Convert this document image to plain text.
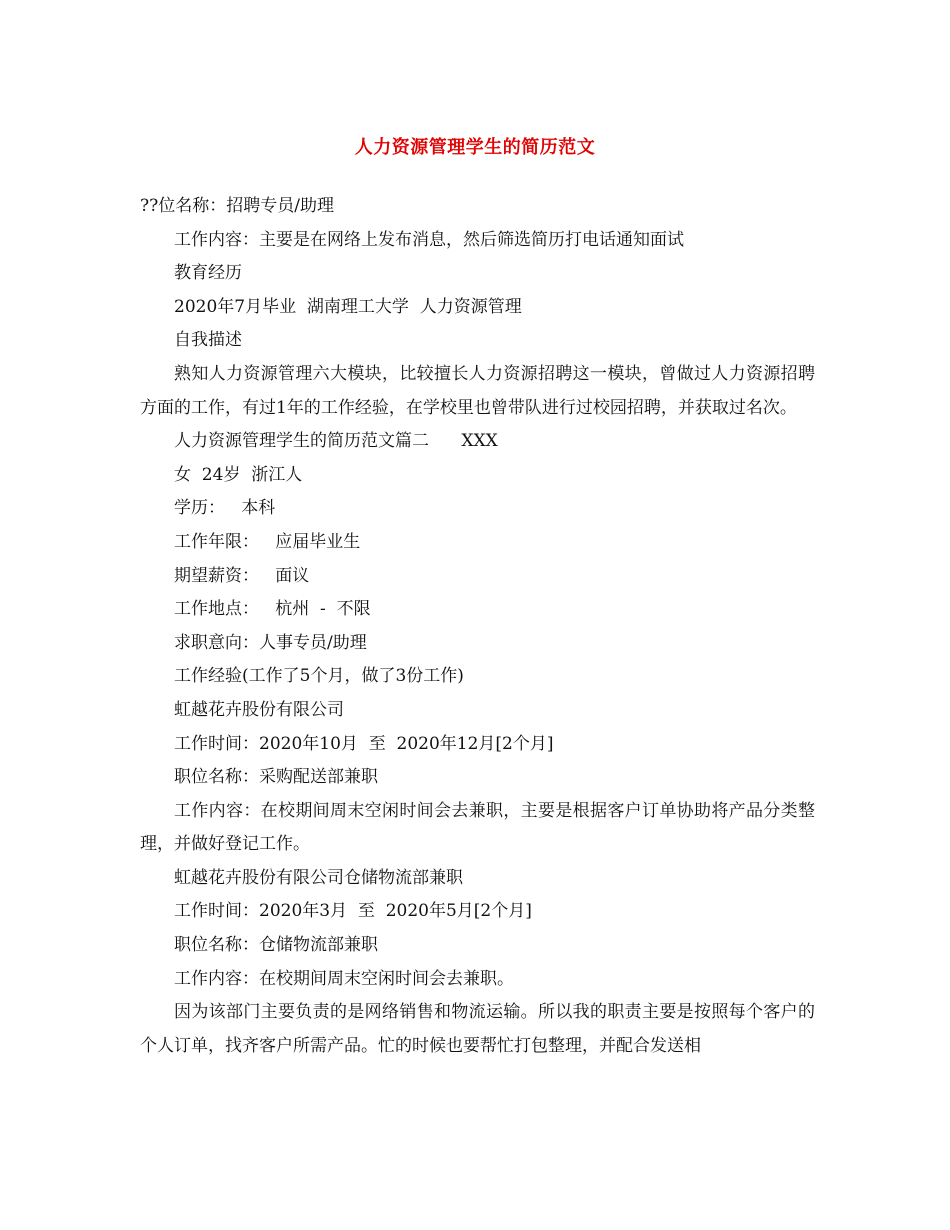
人力资源管理学生的简历范文

??位名称：招聘专员/助理

工作内容：主要是在网络上发布消息，然后筛选简历打电话通知面试

教育经历

2020年7月毕业  湖南理工大学  人力资源管理

自我描述

熟知人力资源管理六大模块，比较擅长人力资源招聘这一模块，曾做过人力资源招聘方面的工作，有过1年的工作经验，在学校里也曾带队进行过校园招聘，并获取过名次。

人力资源管理学生的简历范文篇二      XXX

女  24岁  浙江人

学历：   本科

工作年限：   应届毕业生

期望薪资：   面议

工作地点：   杭州  -  不限

求职意向：人事专员/助理

工作经验(工作了5个月，做了3份工作)

虹越花卉股份有限公司

工作时间：2020年10月  至  2020年12月[2个月]

职位名称：采购配送部兼职

工作内容：在校期间周末空闲时间会去兼职，主要是根据客户订单协助将产品分类整理，并做好登记工作。

虹越花卉股份有限公司仓储物流部兼职

工作时间：2020年3月  至  2020年5月[2个月]

职位名称：仓储物流部兼职

工作内容：在校期间周末空闲时间会去兼职。

因为该部门主要负责的是网络销售和物流运输。所以我的职责主要是按照每个客户的个人订单，找齐客户所需产品。忙的时候也要帮忙打包整理，并配合发送相
